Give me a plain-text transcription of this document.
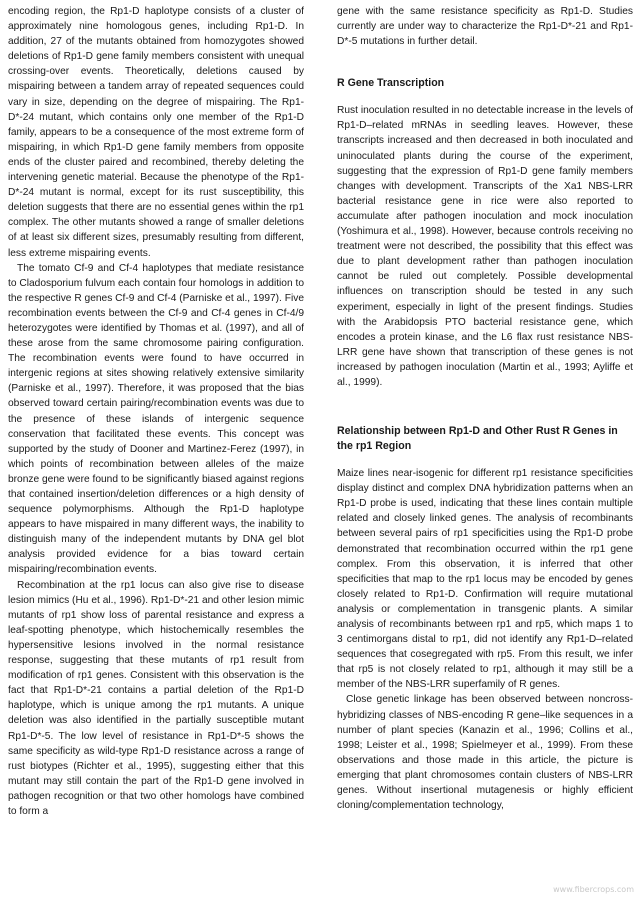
encoding region, the Rp1-D haplotype consists of a cluster of approximately nine homologous genes, including Rp1-D. In addition, 27 of the mutants obtained from homozygotes showed deletions of Rp1-D gene family members consistent with unequal crossing-over events. Theoretically, deletions caused by mispairing between a tandem array of repeated sequences could vary in size, depending on the degree of mispairing. The Rp1-D*-24 mutant, which contains only one member of the Rp1-D family, appears to be a consequence of the most extreme form of mispairing, in which Rp1-D gene family members from opposite ends of the cluster paired and recombined, thereby deleting the intervening genetic material. Because the phenotype of the Rp1-D*-24 mutant is normal, except for its rust susceptibility, this deletion suggests that there are no essential genes within the rp1 complex. The other mutants showed a range of smaller deletions of at least six different sizes, presumably resulting from different, less extreme mispairing events.

The tomato Cf-9 and Cf-4 haplotypes that mediate resistance to Cladosporium fulvum each contain four homologs in addition to the respective R genes Cf-9 and Cf-4 (Parniske et al., 1997). Five recombination events between the Cf-9 and Cf-4 genes in Cf-4/9 heterozygotes were identified by Thomas et al. (1997), and all of these arose from the same chromosome pairing configuration. The recombination events were found to have occurred in intergenic regions at sites showing relatively extensive similarity (Parniske et al., 1997). Therefore, it was proposed that the bias observed toward certain pairing/recombination events was due to the presence of these islands of intergenic sequence conservation that facilitated these events. This concept was supported by the study of Dooner and Martinez-Ferez (1997), in which points of recombination between alleles of the maize bronze gene were found to be significantly biased against regions that contained insertion/deletion differences or a high density of sequence polymorphisms. Although the Rp1-D haplotype appears to have mispaired in many different ways, the inability to distinguish many of the independent mutants by DNA gel blot analysis provided evidence for a bias toward certain mispairing/recombination events.

Recombination at the rp1 locus can also give rise to disease lesion mimics (Hu et al., 1996). Rp1-D*-21 and other lesion mimic mutants of rp1 show loss of parental resistance and express a leaf-spotting phenotype, which histochemically resembles the hypersensitive lesions involved in the normal resistance response, suggesting that these mutants of rp1 result from modification of rp1 genes. Consistent with this observation is the fact that Rp1-D*-21 contains a partial deletion of the Rp1-D haplotype, which is unique among the rp1 mutants. A unique deletion was also identified in the partially susceptible mutant Rp1-D*-5. The low level of resistance in Rp1-D*-5 shows the same specificity as wild-type Rp1-D resistance across a range of rust biotypes (Richter et al., 1995), suggesting either that this mutant may still contain the part of the Rp1-D gene involved in pathogen recognition or that two other homologs have combined to form a

gene with the same resistance specificity as Rp1-D. Studies currently are under way to characterize the Rp1-D*-21 and Rp1-D*-5 mutations in further detail.

R Gene Transcription

Rust inoculation resulted in no detectable increase in the levels of Rp1-D–related mRNAs in seedling leaves. However, these transcripts increased and then decreased in both inoculated and uninoculated plants during the course of the experiment, suggesting that the expression of Rp1-D gene family members changes with development. Transcripts of the Xa1 NBS-LRR bacterial resistance gene in rice were also reported to accumulate after pathogen inoculation and mock inoculation (Yoshimura et al., 1998). However, because controls receiving no treatment were not described, the possibility that this effect was due to plant development rather than pathogen inoculation cannot be ruled out completely. Possible developmental influences on transcription should be tested in any such experiment, especially in light of the present findings. Studies with the Arabidopsis PTO bacterial resistance gene, which encodes a protein kinase, and the L6 flax rust resistance NBS-LRR gene have shown that transcription of these genes is not increased by pathogen inoculation (Martin et al., 1993; Ayliffe et al., 1999).

Relationship between Rp1-D and Other Rust R Genes in the rp1 Region

Maize lines near-isogenic for different rp1 resistance specificities display distinct and complex DNA hybridization patterns when an Rp1-D probe is used, indicating that these lines contain multiple related and closely linked genes. The analysis of recombinants between several pairs of rp1 specificities using the Rp1-D probe demonstrated that recombination occurred within the rp1 gene complex. From this observation, it is inferred that other specificities that map to the rp1 locus may be encoded by genes closely related to Rp1-D. Confirmation will require mutational analysis or complementation in transgenic plants. A similar analysis of recombinants between rp1 and rp5, which maps 1 to 3 centimorgans distal to rp1, did not identify any Rp1-D–related sequences that cosegregated with rp5. From this result, we infer that rp5 is not closely related to rp1, although it may still be a member of the NBS-LRR superfamily of R genes.

Close genetic linkage has been observed between noncross-hybridizing classes of NBS-encoding R gene–like sequences in a number of plant species (Kanazin et al., 1996; Collins et al., 1998; Leister et al., 1998; Spielmeyer et al., 1999). From these observations and those made in this article, the picture is emerging that plant chromosomes contain clusters of NBS-LRR genes. Without insertional mutagenesis or highly efficient cloning/complementation technology,

www.fibercrops.com
